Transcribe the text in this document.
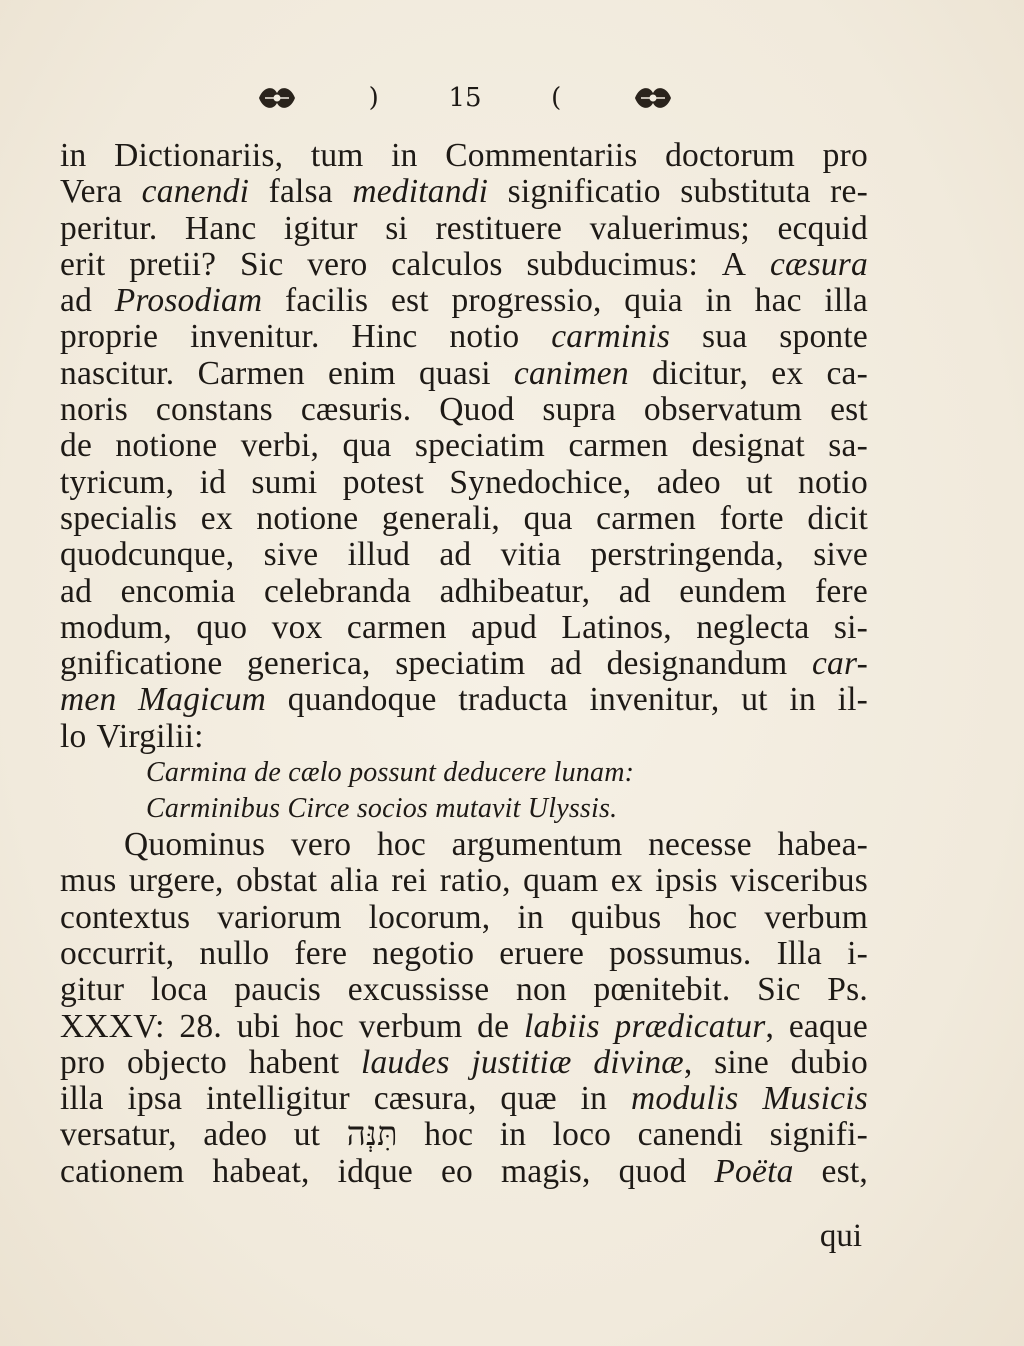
)	15	(
in Dictionariis, tum in Commentariis doctorum pro
Vera canendi falsa meditandi significatio substituta re-
peritur. Hanc igitur si restituere valuerimus; ecquid
erit pretii? Sic vero calculos subducimus: A cæsura
ad Prosodiam facilis est progressio, quia in hac illa
proprie invenitur. Hinc notio carminis sua sponte
nascitur. Carmen enim quasi canimen dicitur, ex ca-
noris constans cæsuris. Quod supra observatum est
de notione verbi, qua speciatim carmen designat sa-
tyricum, id sumi potest Synedochice, adeo ut notio
specialis ex notione generali, qua carmen forte dicit
quodcunque, sive illud ad vitia perstringenda, sive
ad encomia celebranda adhibeatur, ad eundem fere
modum, quo vox carmen apud Latinos, neglecta si-
gnificatione generica, speciatim ad designandum car-
men Magicum quandoque traducta invenitur, ut in il-
lo Virgilii:
Carmina de cælo possunt deducere lunam:
Carminibus Circe socios mutavit Ulyssis.
Quominus vero hoc argumentum necesse habea-
mus urgere, obstat alia rei ratio, quam ex ipsis visceribus
contextus variorum locorum, in quibus hoc verbum
occurrit, nullo fere negotio eruere possumus. Illa i-
gitur loca paucis excussisse non pœnitebit. Sic Ps.
XXXV: 28. ubi hoc verbum de labiis prædicatur, eaque
pro objecto habent laudes justitiæ divinæ, sine dubio
illa ipsa intelligitur cæsura, quæ in modulis Musicis
versatur, adeo ut תִּנְּה hoc in loco canendi signifi-
cationem habeat, idque eo magis, quod Poëta est,
qui
